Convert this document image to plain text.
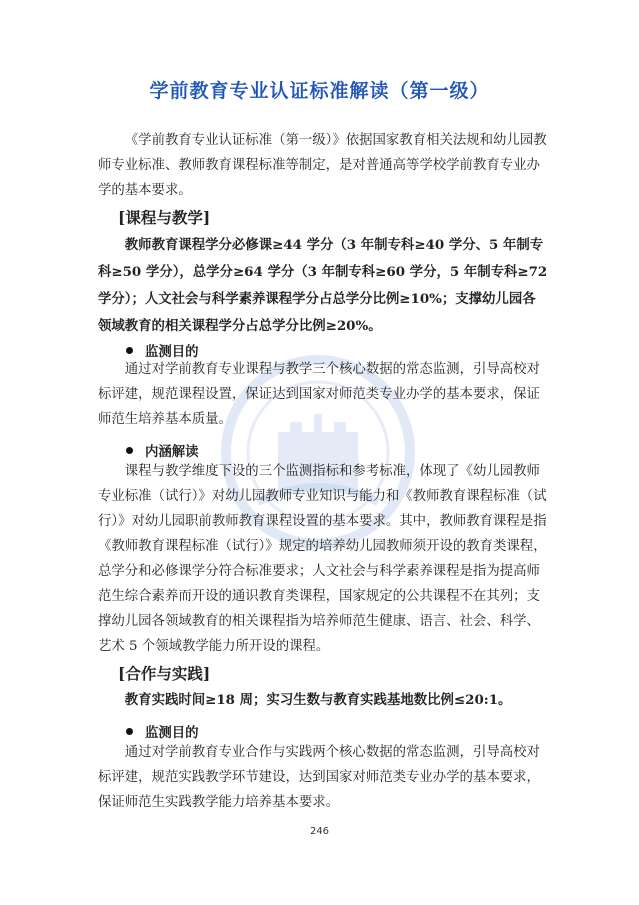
学前教育专业认证标准解读（第一级）
《学前教育专业认证标准（第一级）》依据国家教育相关法规和幼儿园教师专业标准、教师教育课程标准等制定，是对普通高等学校学前教育专业办学的基本要求。
[课程与教学]
教师教育课程学分必修课≥44 学分（3 年制专科≥40 学分、5 年制专科≥50 学分），总学分≥64 学分（3 年制专科≥60 学分，5 年制专科≥72 学分）；人文社会与科学素养课程学分占总学分比例≥10%；支撑幼儿园各领域教育的相关课程学分占总学分比例≥20%。
监测目的
通过对学前教育专业课程与教学三个核心数据的常态监测，引导高校对标评建，规范课程设置，保证达到国家对师范类专业办学的基本要求，保证师范生培养基本质量。
内涵解读
课程与教学维度下设的三个监测指标和参考标准，体现了《幼儿园教师专业标准（试行）》对幼儿园教师专业知识与能力和《教师教育课程标准（试行）》对幼儿园职前教师教育课程设置的基本要求。其中，教师教育课程是指《教师教育课程标准（试行）》规定的培养幼儿园教师须开设的教育类课程，总学分和必修课学分符合标准要求；人文社会与科学素养课程是指为提高师范生综合素养而开设的通识教育类课程，国家规定的公共课程不在其列；支撑幼儿园各领域教育的相关课程指为培养师范生健康、语言、社会、科学、艺术 5 个领域教学能力所开设的课程。
[合作与实践]
教育实践时间≥18 周；实习生数与教育实践基地数比例≤20:1。
监测目的
通过对学前教育专业合作与实践两个核心数据的常态监测，引导高校对标评建，规范实践教学环节建设，达到国家对师范类专业办学的基本要求，保证师范生实践教学能力培养基本要求。
246
